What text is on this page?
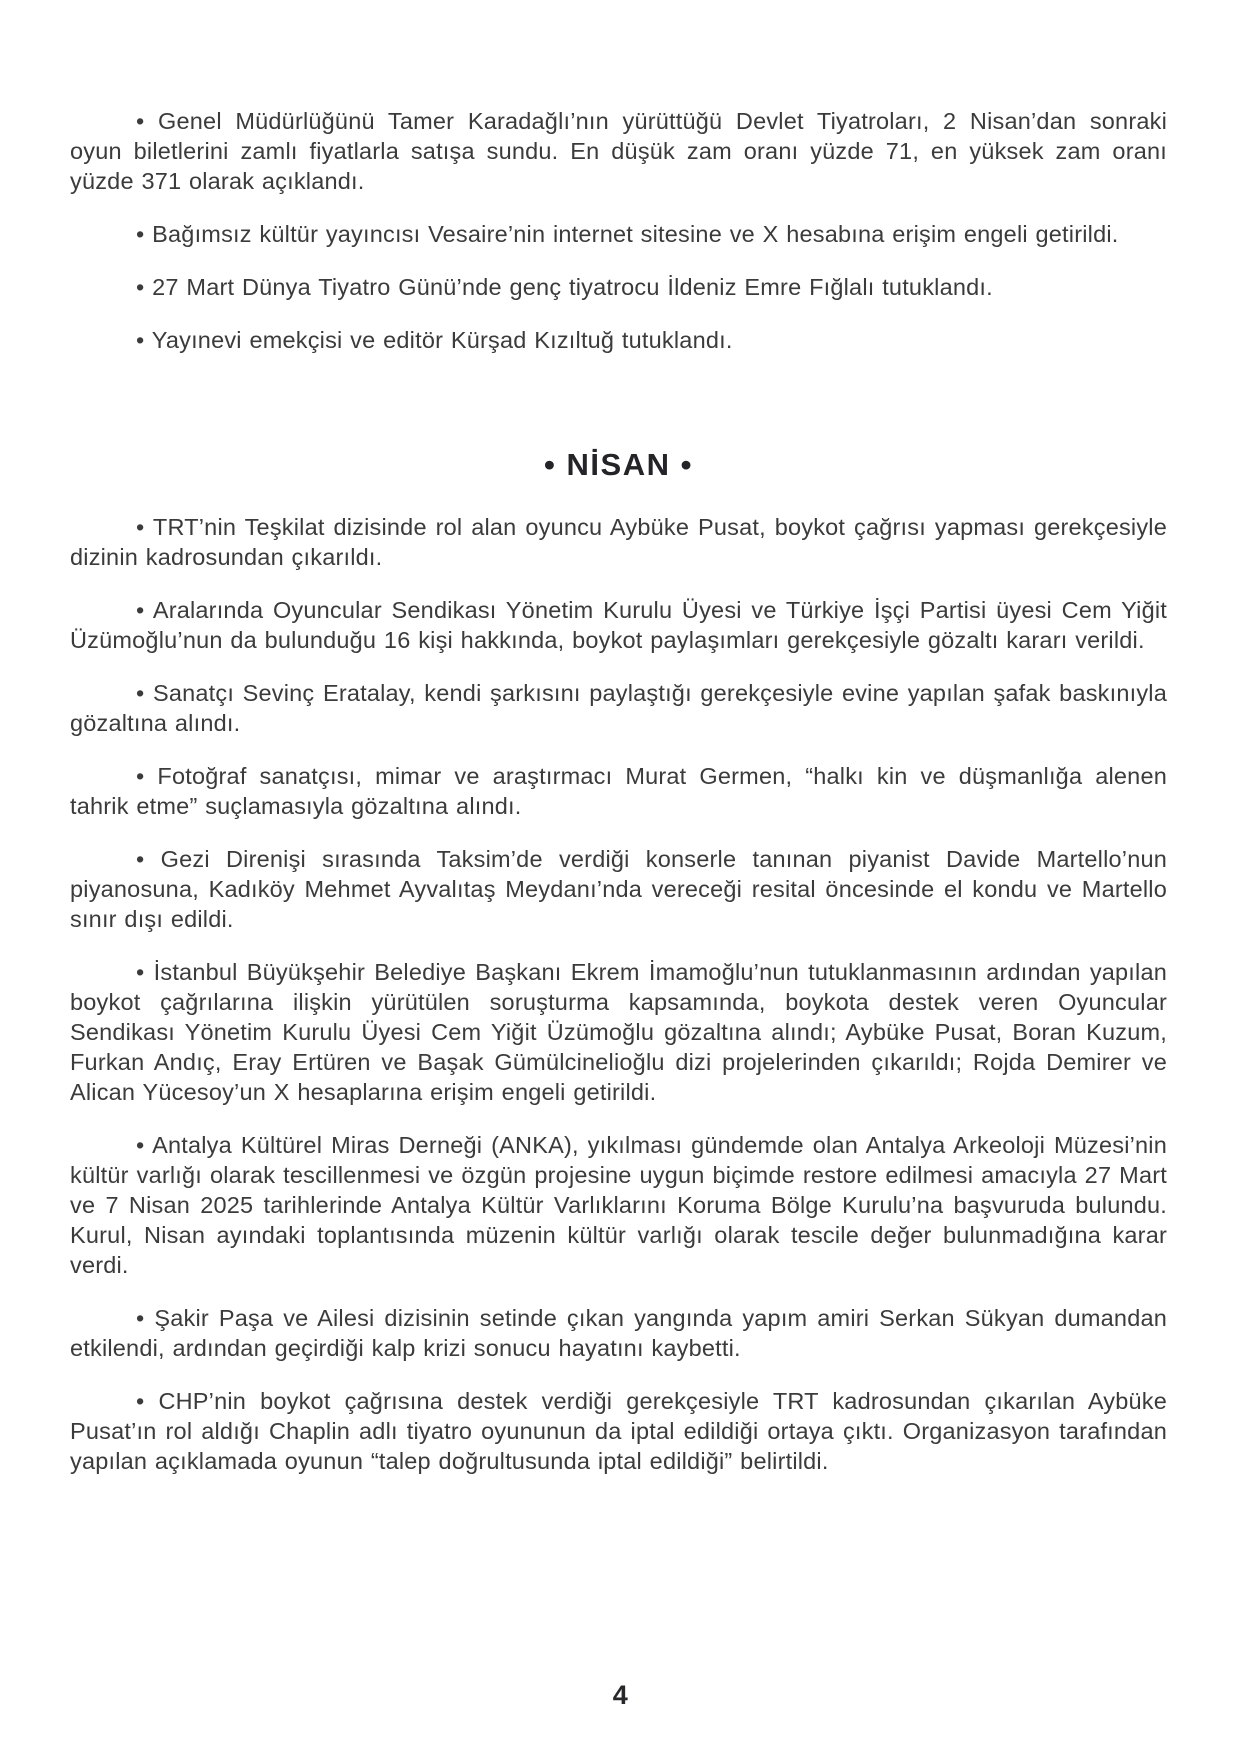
• Genel Müdürlüğünü Tamer Karadağlı’nın yürüttüğü Devlet Tiyatroları, 2 Nisan’dan sonraki oyun biletlerini zamlı fiyatlarla satışa sundu. En düşük zam oranı yüzde 71, en yüksek zam oranı yüzde 371 olarak açıklandı.

• Bağımsız kültür yayıncısı Vesaire’nin internet sitesine ve X hesabına erişim engeli getirildi.

• 27 Mart Dünya Tiyatro Günü’nde genç tiyatrocu İldeniz Emre Fığlalı tutuklandı.

• Yayınevi emekçisi ve editör Kürşad Kızıltuğ tutuklandı.

• NİSAN •

• TRT’nin Teşkilat dizisinde rol alan oyuncu Aybüke Pusat, boykot çağrısı yapması gerekçesiyle dizinin kadrosundan çıkarıldı.

• Aralarında Oyuncular Sendikası Yönetim Kurulu Üyesi ve Türkiye İşçi Partisi üyesi Cem Yiğit Üzümoğlu’nun da bulunduğu 16 kişi hakkında, boykot paylaşımları gerekçesiyle gözaltı kararı verildi.

• Sanatçı Sevinç Eratalay, kendi şarkısını paylaştığı gerekçesiyle evine yapılan şafak baskınıyla gözaltına alındı.

• Fotoğraf sanatçısı, mimar ve araştırmacı Murat Germen, “halkı kin ve düşmanlığa alenen tahrik etme” suçlamasıyla gözaltına alındı.

• Gezi Direnişi sırasında Taksim’de verdiği konserle tanınan piyanist Davide Martello’nun piyanosuna, Kadıköy Mehmet Ayvalıtaş Meydanı’nda vereceği resital öncesinde el kondu ve Martello sınır dışı edildi.

• İstanbul Büyükşehir Belediye Başkanı Ekrem İmamoğlu’nun tutuklanmasının ardından yapılan boykot çağrılarına ilişkin yürütülen soruşturma kapsamında, boykota destek veren Oyuncular Sendikası Yönetim Kurulu Üyesi Cem Yiğit Üzümoğlu gözaltına alındı; Aybüke Pusat, Boran Kuzum, Furkan Andıç, Eray Ertüren ve Başak Gümülcinelioğlu dizi projelerinden çıkarıldı; Rojda Demirer ve Alican Yücesoy’un X hesaplarına erişim engeli getirildi.

• Antalya Kültürel Miras Derneği (ANKA), yıkılması gündemde olan Antalya Arkeoloji Müzesi’nin kültür varlığı olarak tescillenmesi ve özgün projesine uygun biçimde restore edilmesi amacıyla 27 Mart ve 7 Nisan 2025 tarihlerinde Antalya Kültür Varlıklarını Koruma Bölge Kurulu’na başvuruda bulundu. Kurul, Nisan ayındaki toplantısında müzenin kültür varlığı olarak tescile değer bulunmadığına karar verdi.

• Şakir Paşa ve Ailesi dizisinin setinde çıkan yangında yapım amiri Serkan Sükyan dumandan etkilendi, ardından geçirdiği kalp krizi sonucu hayatını kaybetti.

• CHP’nin boykot çağrısına destek verdiği gerekçesiyle TRT kadrosundan çıkarılan Aybüke Pusat’ın rol aldığı Chaplin adlı tiyatro oyununun da iptal edildiği ortaya çıktı. Organizasyon tarafından yapılan açıklamada oyunun “talep doğrultusunda iptal edildiği” belirtildi.

4
